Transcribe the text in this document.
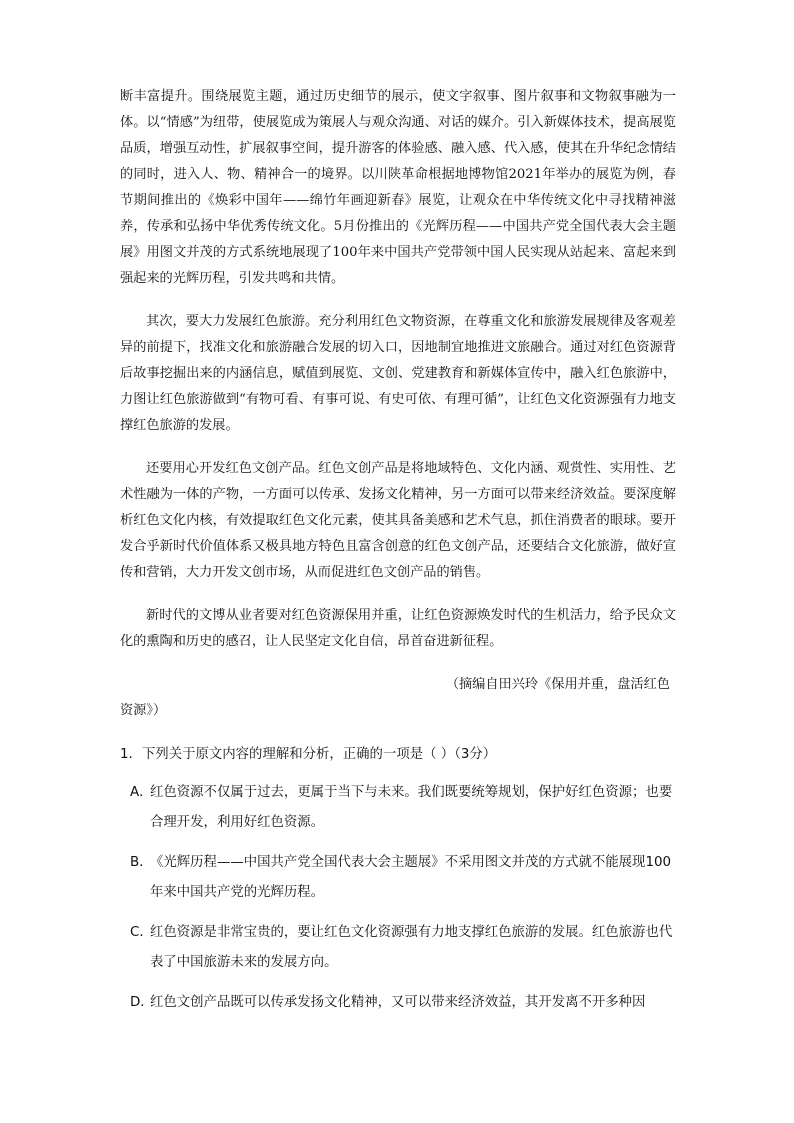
断丰富提升。围绕展览主题，通过历史细节的展示，使文字叙事、图片叙事和文物叙事融为一体。以“情感”为纽带，使展览成为策展人与观众沟通、对话的媒介。引入新媒体技术，提高展览品质，增强互动性，扩展叙事空间，提升游客的体验感、融入感、代入感，使其在升华纪念情结的同时，进入人、物、精神合一的境界。以川陕革命根据地博物馆2021年举办的展览为例，春节期间推出的《焕彩中国年——绵竹年画迎新春》展览，让观众在中华传统文化中寻找精神滋养，传承和弘扬中华优秀传统文化。5月份推出的《光辉历程——中国共产党全国代表大会主题展》用图文并茂的方式系统地展现了100年来中国共产党带领中国人民实现从站起来、富起来到强起来的光辉历程，引发共鸣和共情。

其次，要大力发展红色旅游。充分利用红色文物资源，在尊重文化和旅游发展规律及客观差异的前提下，找准文化和旅游融合发展的切入口，因地制宜地推进文旅融合。通过对红色资源背后故事挖掘出来的内涵信息，赋值到展览、文创、党建教育和新媒体宣传中，融入红色旅游中，力图让红色旅游做到“有物可看、有事可说、有史可依、有理可循”，让红色文化资源强有力地支撑红色旅游的发展。

还要用心开发红色文创产品。红色文创产品是将地域特色、文化内涵、观赏性、实用性、艺术性融为一体的产物，一方面可以传承、发扬文化精神，另一方面可以带来经济效益。要深度解析红色文化内核，有效提取红色文化元素，使其具备美感和艺术气息，抓住消费者的眼球。要开发合乎新时代价值体系又极具地方特色且富含创意的红色文创产品，还要结合文化旅游，做好宣传和营销，大力开发文创市场，从而促进红色文创产品的销售。

新时代的文博从业者要对红色资源保用并重，让红色资源焕发时代的生机活力，给予民众文化的熏陶和历史的感召，让人民坚定文化自信，昂首奋进新征程。

（摘编自田兴玲《保用并重，盘活红色
资源》）
1．下列关于原文内容的理解和分析，正确的一项是（ ）（3分）
A．红色资源不仅属于过去，更属于当下与未来。我们既要统筹规划，保护好红色资源；也要合理开发，利用好红色资源。
B．《光辉历程——中国共产党全国代表大会主题展》不采用图文并茂的方式就不能展现100年来中国共产党的光辉历程。
C．红色资源是非常宝贵的，要让红色文化资源强有力地支撑红色旅游的发展。红色旅游也代表了中国旅游未来的发展方向。
D．红色文创产品既可以传承发扬文化精神，又可以带来经济效益，其开发离不开多种因
